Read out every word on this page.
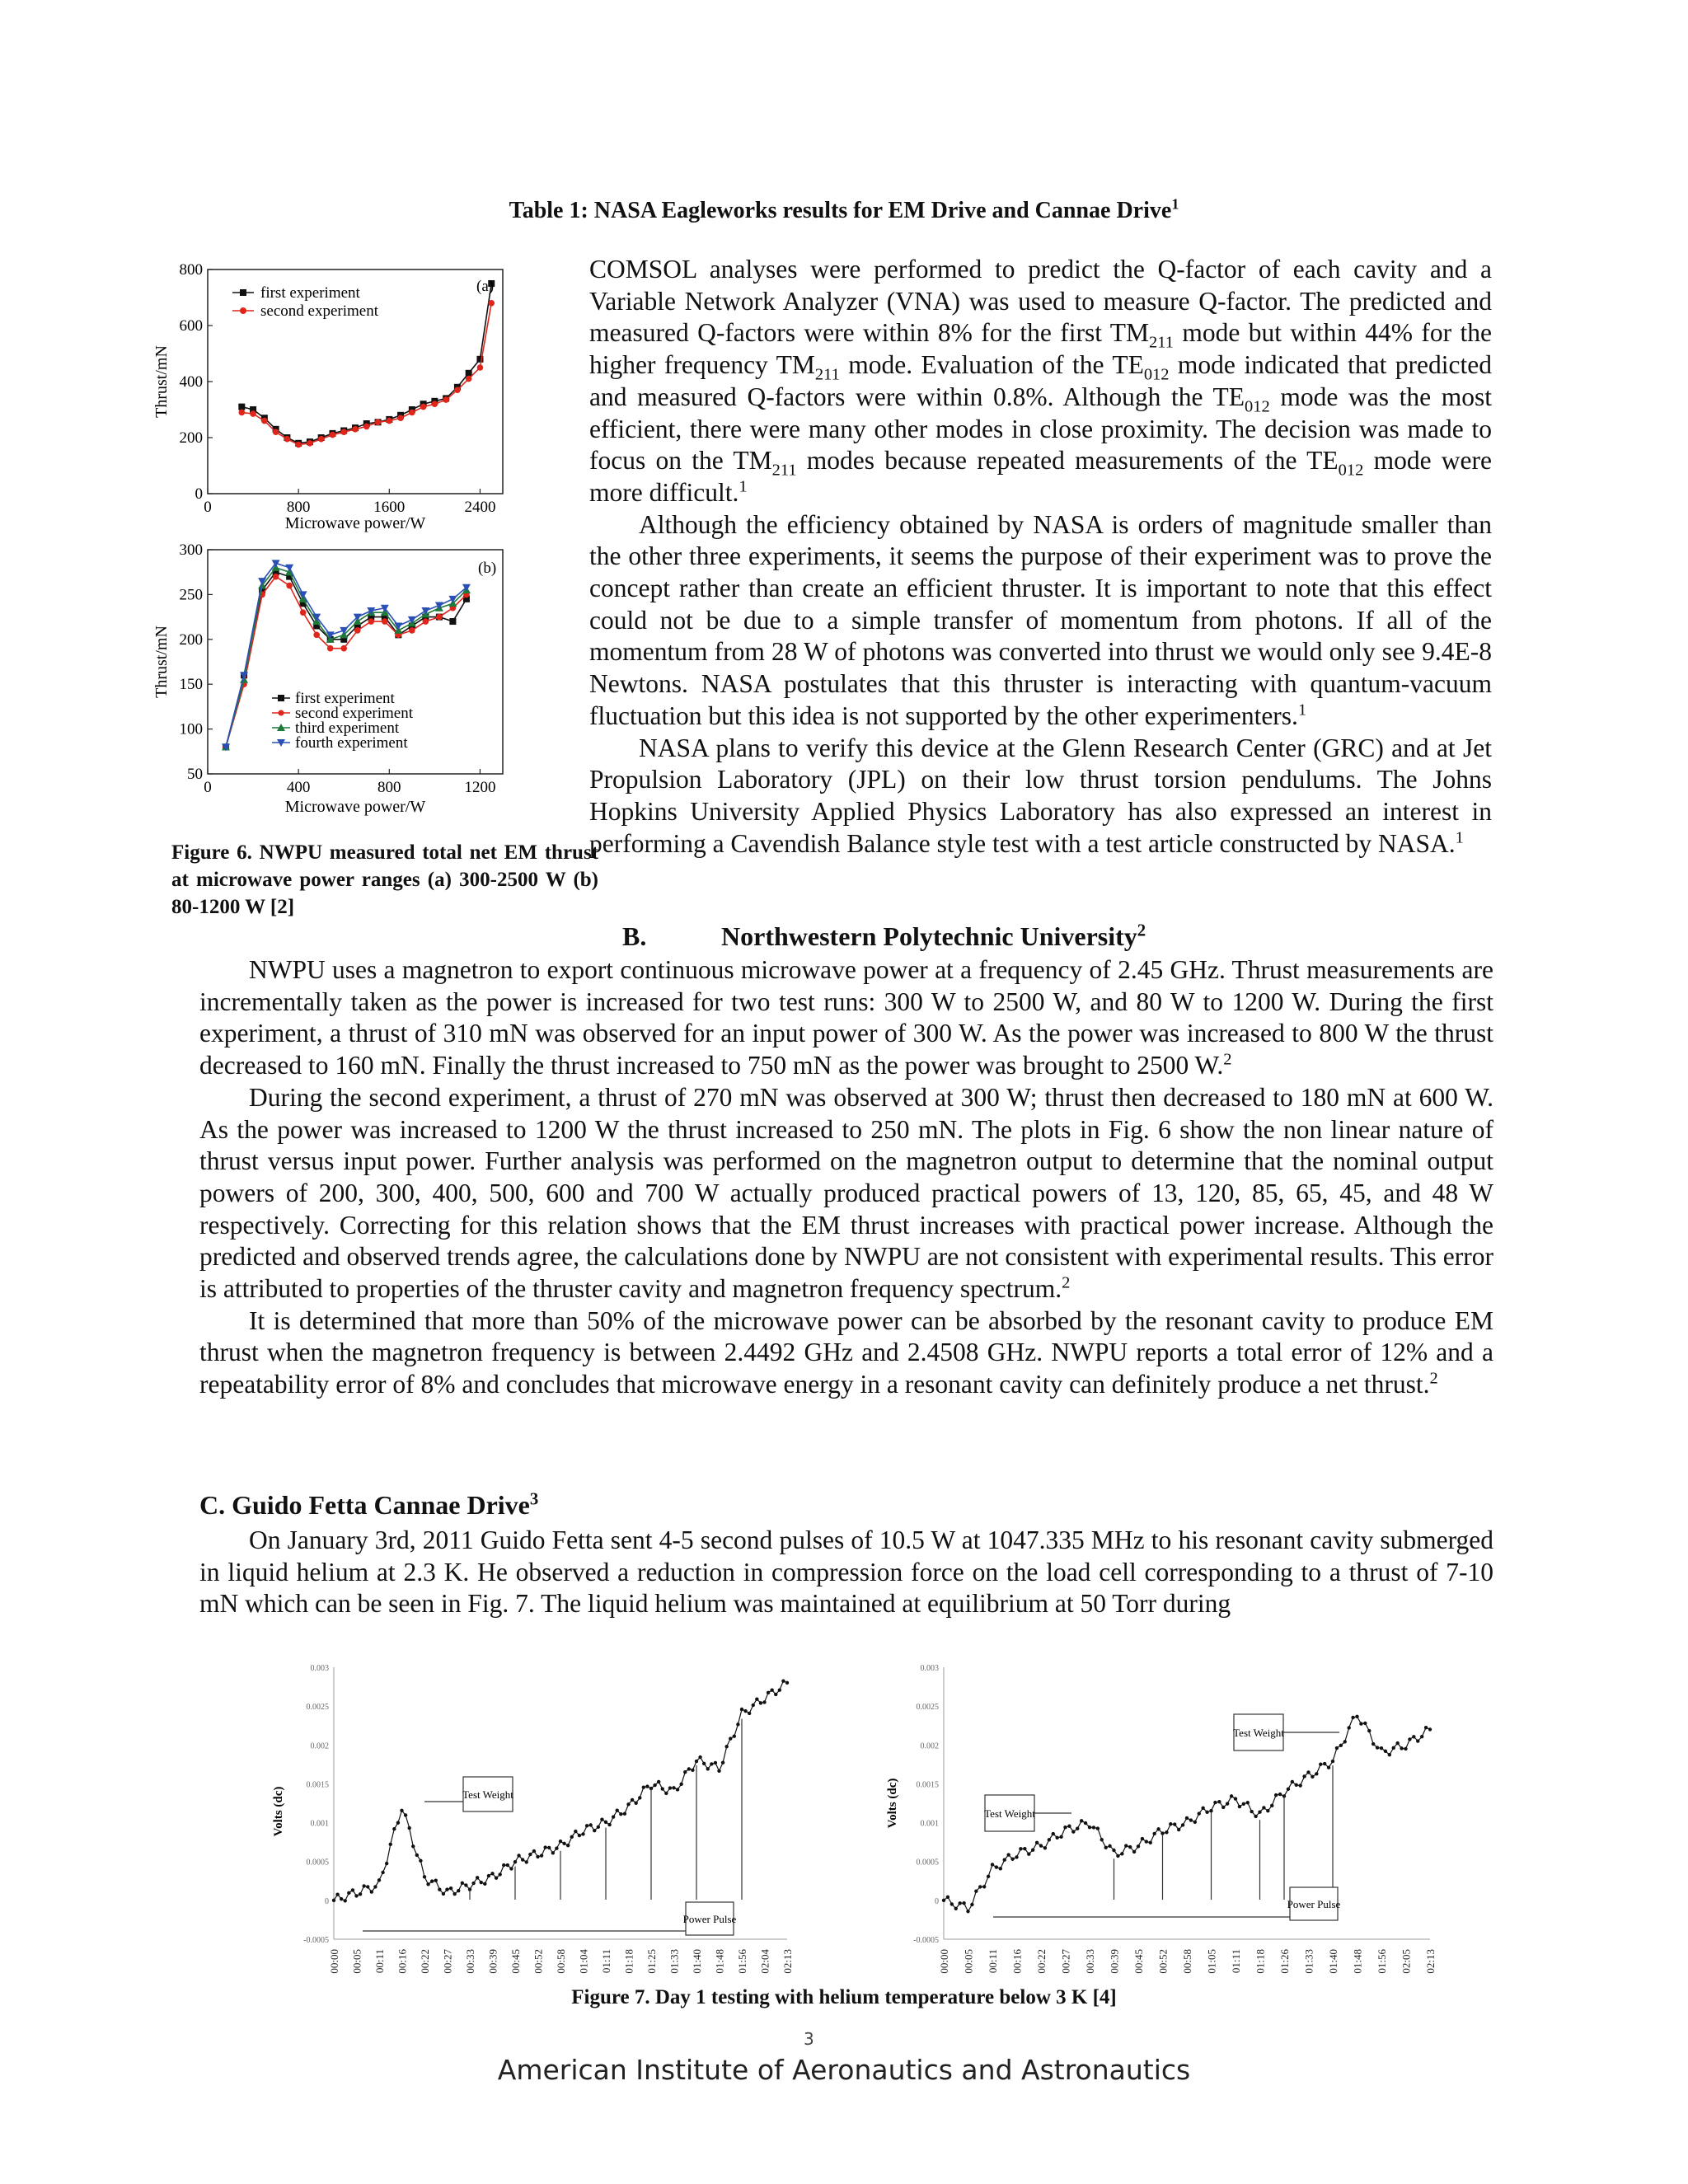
Table 1: NASA Eagleworks results for EM Drive and Cannae Drive$^1$
0	800	1600	2400
0
200
400
600
800
(a)
Microwave power/W
Thrust/mN
first experiment
second experiment
0	400	800	1200
50
100
150
200
250
300
(b)
Microwave power/W
Thrust/mN
first experiment
second experiment
third experiment
fourth experiment
Figure 6. NWPU measured total net EM thrust at microwave power ranges (a) 300-2500 W (b) 80-1200 W [2]

COMSOL analyses were performed to predict the Q-factor of each cavity and a Variable Network Analyzer (VNA) was used to measure Q-factor. The predicted and measured Q-factors were within 8% for the first $TM_{211}$ mode but within 44% for the higher frequency $TM_{211}$ mode. Evaluation of the $TE_{012}$ mode indicated that predicted and measured Q-factors were within 0.8%. Although the $TE_{012}$ mode was the most efficient, there were many other modes in close proximity. The decision was made to focus on the $TM_{211}$ modes because repeated measurements of the $TE_{012}$ mode were more difficult.$^1$

Although the efficiency obtained by NASA is orders of magnitude smaller than the other three experiments, it seems the purpose of their experiment was to prove the concept rather than create an efficient thruster. It is important to note that this effect could not be due to a simple transfer of momentum from photons. If all of the momentum from 28 W of photons was converted into thrust we would only see 9.4E-8 Newtons. NASA postulates that this thruster is interacting with quantum-vacuum fluctuation but this idea is not supported by the other experimenters.$^1$

NASA plans to verify this device at the Glenn Research Center (GRC) and at Jet Propulsion Laboratory (JPL) on their low thrust torsion pendulums. The Johns Hopkins University Applied Physics Laboratory has also expressed an interest in performing a Cavendish Balance style test with a test article constructed by NASA.$^1$

B.	Northwestern Polytechnic University$^2$

NWPU uses a magnetron to export continuous microwave power at a frequency of 2.45 GHz. Thrust measurements are incrementally taken as the power is increased for two test runs: 300 W to 2500 W, and 80 W to 1200 W. During the first experiment, a thrust of 310 mN was observed for an input power of 300 W. As the power was increased to 800 W the thrust decreased to 160 mN. Finally the thrust increased to 750 mN as the power was brought to 2500 W.$^2$

During the second experiment, a thrust of 270 mN was observed at 300 W; thrust then decreased to 180 mN at 600 W. As the power was increased to 1200 W the thrust increased to 250 mN. The plots in Fig. 6 show the non linear nature of thrust versus input power. Further analysis was performed on the magnetron output to determine that the nominal output powers of 200, 300, 400, 500, 600 and 700 W actually produced practical powers of 13, 120, 85, 65, 45, and 48 W respectively. Correcting for this relation shows that the EM thrust increases with practical power increase. Although the predicted and observed trends agree, the calculations done by NWPU are not consistent with experimental results. This error is attributed to properties of the thruster cavity and magnetron frequency spectrum.$^2$

It is determined that more than 50% of the microwave power can be absorbed by the resonant cavity to produce EM thrust when the magnetron frequency is between 2.4492 GHz and 2.4508 GHz. NWPU reports a total error of 12% and a repeatability error of 8% and concludes that microwave energy in a resonant cavity can definitely produce a net thrust.$^2$

C. Guido Fetta Cannae Drive$^3$

On January 3rd, 2011 Guido Fetta sent 4-5 second pulses of 10.5 W at 1047.335 MHz to his resonant cavity submerged in liquid helium at 2.3 K. He observed a reduction in compression force on the load cell corresponding to a thrust of 7-10 mN which can be seen in Fig. 7. The liquid helium was maintained at equilibrium at 50 Torr during

0.003
0.0025
0.002
0.0015
0.001
0.0005
0
-0.0005
00:00 00:05 00:11 00:16 00:22 00:27 00:33 00:39 00:45 00:52 00:58 01:04 01:11 01:18 01:25 01:33 01:40 01:48 01:56 02:04 02:13
Volts (dc)	Test Weight
Power Pulse
0.003
0.0025
0.002
0.0015
0.001
0.0005
0
-0.0005
00:00 00:05 00:11 00:16 00:22 00:27 00:33 00:39 00:45 00:52 00:58 01:05 01:11 01:18 01:26 01:33 01:40 01:48 01:56 02:05 02:13
Volts (dc)	Test Weight
Test Weight
Power Pulse
Figure 7. Day 1 testing with helium temperature below 3 K [4]
3
American Institute of Aeronautics and Astronautics
